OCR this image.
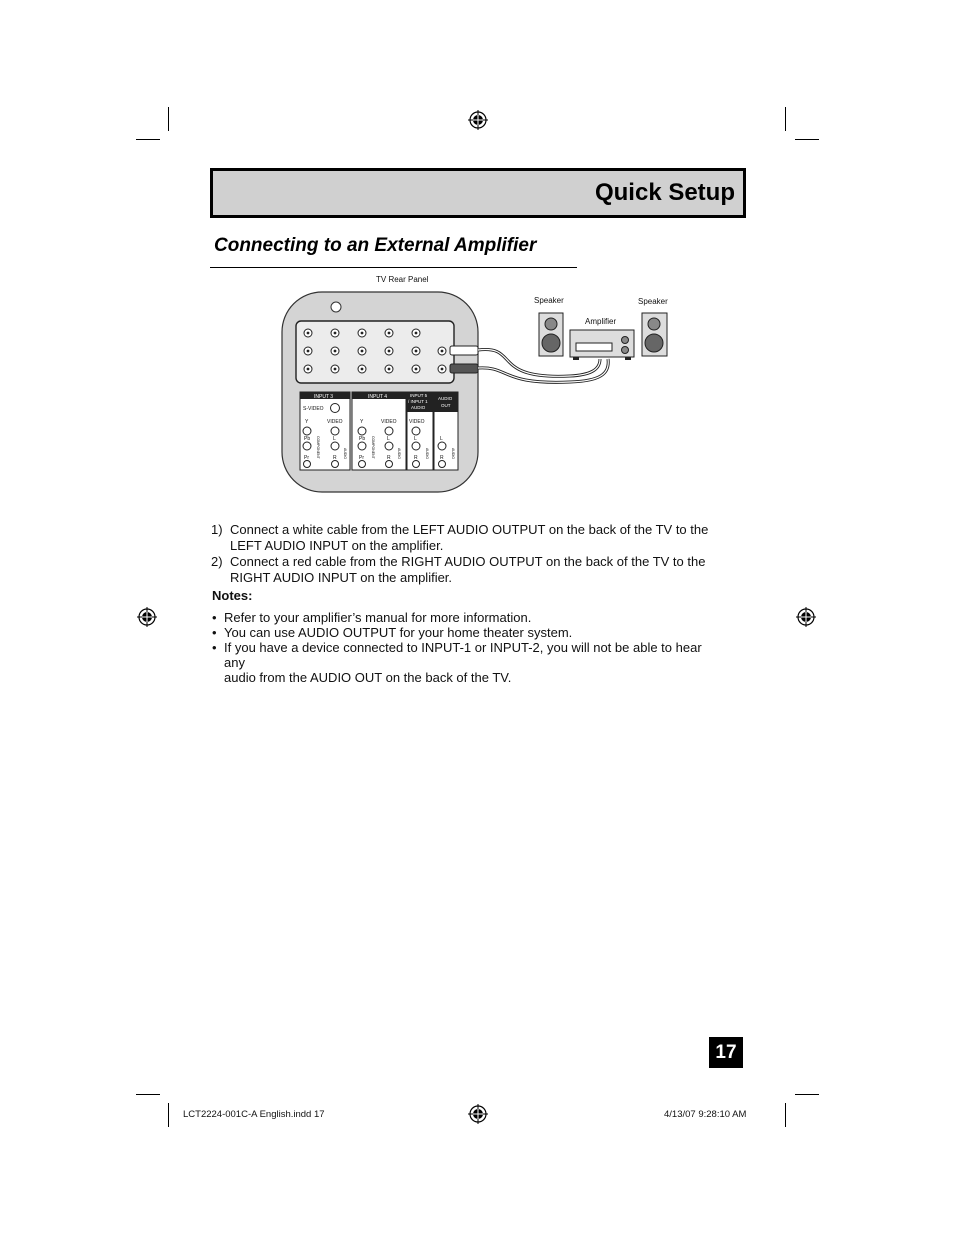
Quick Setup
Connecting to an External Amplifier
TV Rear Panel
INPUT 3
S-VIDEO
Y	VIDEO
Pb	L
Pr	R
COMPONENT	AUDIO
INPUT 4
Y	VIDEO
Pb	L
Pr	R
COMPONENT	AUDIO
INPUT 5
/ INPUT 1
AUDIO
VIDEO
L
R AUDIO
AUDIO
OUT
L
R AUDIO
Speaker	Speaker
Amplifier
1) Connect a white cable from the LEFT AUDIO OUTPUT on the back of the TV to the
LEFT AUDIO INPUT on the amplifier.
2) Connect a red cable from the RIGHT AUDIO OUTPUT on the back of the TV to the
RIGHT AUDIO INPUT on the amplifier.
Notes:
• Refer to your amplifier’s manual for more information.
• You can use AUDIO OUTPUT for your home theater system.
• If you have a device connected to INPUT-1 or INPUT-2, you will not be able to hear any
audio from the AUDIO OUT on the back of the TV.
17
LCT2224-001C-A English.indd 17	4/13/07 9:28:10 AM
